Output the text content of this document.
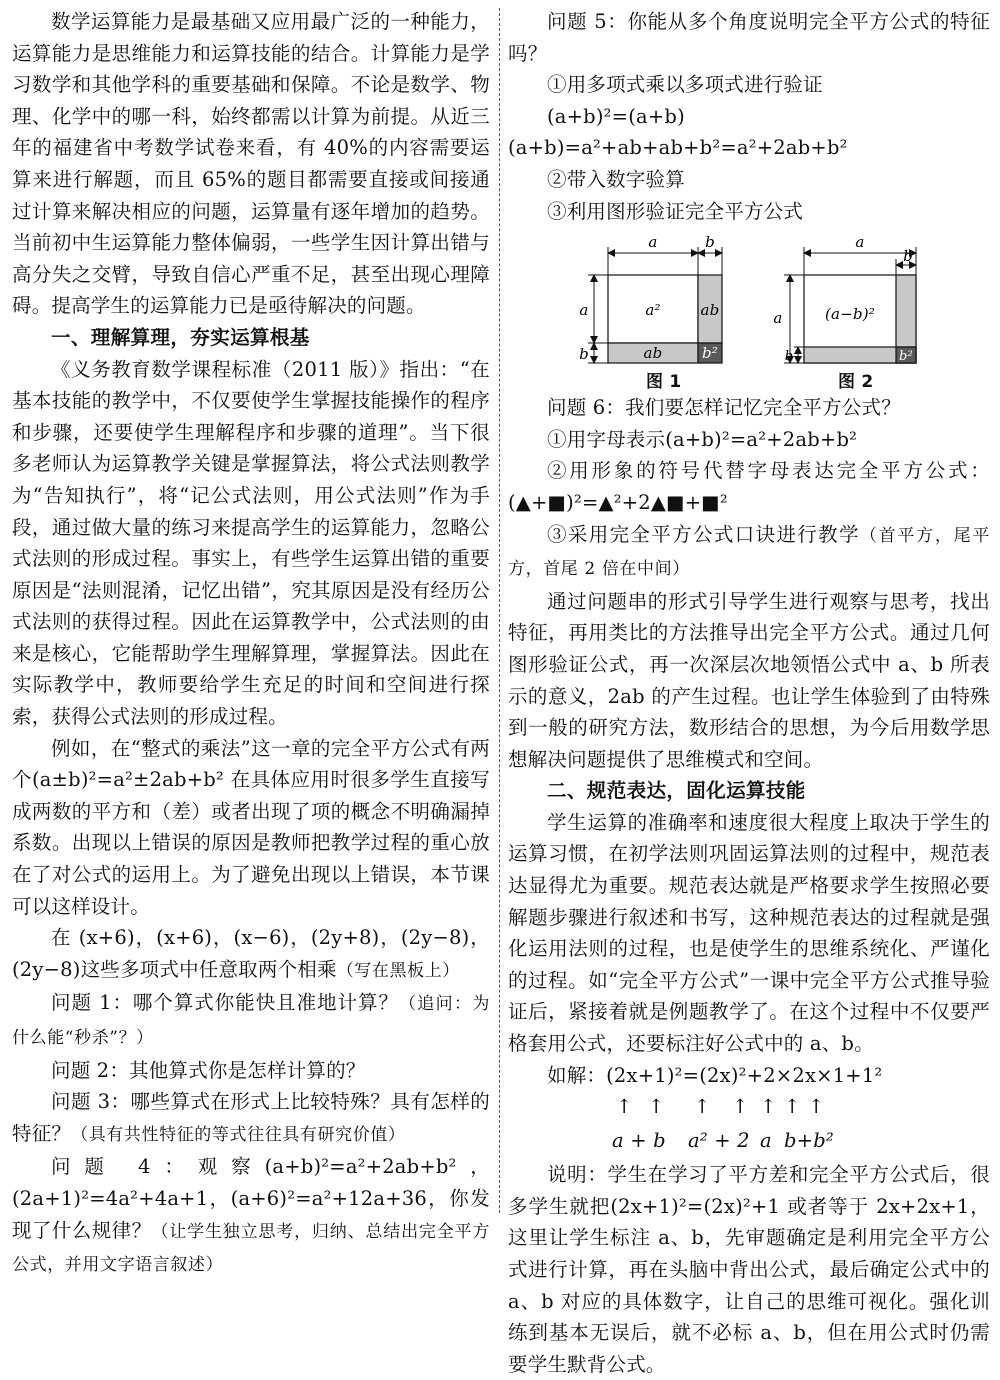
数学运算能力是最基础又应用最广泛的一种能力，运算能力是思维能力和运算技能的结合。计算能力是学习数学和其他学科的重要基础和保障。不论是数学、物理、化学中的哪一科，始终都需以计算为前提。从近三年的福建省中考数学试卷来看，有 40%的内容需要运算来进行解题，而且 65%的题目都需要直接或间接通过计算来解决相应的问题，运算量有逐年增加的趋势。当前初中生运算能力整体偏弱，一些学生因计算出错与高分失之交臂，导致自信心严重不足，甚至出现心理障碍。提高学生的运算能力已是亟待解决的问题。

一、理解算理，夯实运算根基

《义务教育数学课程标准（2011 版）》指出：“在基本技能的教学中，不仅要使学生掌握技能操作的程序和步骤，还要使学生理解程序和步骤的道理”。当下很多老师认为运算教学关键是掌握算法，将公式法则教学为“告知执行”，将“记公式法则，用公式法则”作为手段，通过做大量的练习来提高学生的运算能力，忽略公式法则的形成过程。事实上，有些学生运算出错的重要原因是“法则混淆，记忆出错”，究其原因是没有经历公式法则的获得过程。因此在运算教学中，公式法则的由来是核心，它能帮助学生理解算理，掌握算法。因此在实际教学中，教师要给学生充足的时间和空间进行探索，获得公式法则的形成过程。

例如，在“整式的乘法”这一章的完全平方公式有两个(a±b)²=a²±2ab+b² 在具体应用时很多学生直接写成两数的平方和（差）或者出现了项的概念不明确漏掉系数。出现以上错误的原因是教师把教学过程的重心放在了对公式的运用上。为了避免出现以上错误，本节课可以这样设计。

在 (x+6)，(x+6)，(x−6)，(2y+8)，(2y−8)，(2y−8)这些多项式中任意取两个相乘（写在黑板上）

问题 1：哪个算式你能快且准地计算？（追问：为什么能“秒杀”？）

问题 2：其他算式你是怎样计算的？

问题 3：哪些算式在形式上比较特殊？具有怎样的特征？（具有共性特征的等式往往具有研究价值）

问题 4：观察(a+b)²=a²+2ab+b²，(2a+1)²=4a²+4a+1，(a+6)²=a²+12a+36，你发现了什么规律？（让学生独立思考，归纳、总结出完全平方公式，并用文字语言叙述）

问题 5：你能从多个角度说明完全平方公式的特征吗？

①用多项式乘以多项式进行验证

(a+b)²=(a+b)(a+b)=a²+ab+ab+b²=a²+2ab+b²

②带入数字验算

③利用图形验证完全平方公式

a	b
a
b
a²	ab
ab	b²
a
b
a
b
(a−b)²
b²
图 1	图 2

问题 6：我们要怎样记忆完全平方公式？

①用字母表示(a+b)²=a²+2ab+b²

②用形象的符号代替字母表达完全平方公式：(▲+■)²=▲²+2▲■+■²

③采用完全平方公式口诀进行教学（首平方，尾平方，首尾 2 倍在中间）

通过问题串的形式引导学生进行观察与思考，找出特征，再用类比的方法推导出完全平方公式。通过几何图形验证公式，再一次深层次地领悟公式中 a、b 所表示的意义，2ab 的产生过程。也让学生体验到了由特殊到一般的研究方法，数形结合的思想，为今后用数学思想解决问题提供了思维模式和空间。

二、规范表达，固化运算技能

学生运算的准确率和速度很大程度上取决于学生的运算习惯，在初学法则巩固运算法则的过程中，规范表达显得尤为重要。规范表达就是严格要求学生按照必要解题步骤进行叙述和书写，这种规范表达的过程就是强化运用法则的过程，也是使学生的思维系统化、严谨化的过程。如“完全平方公式”一课中完全平方公式推导验证后，紧接着就是例题教学了。在这个过程中不仅要严格套用公式，还要标注好公式中的 a、b。

如解：(2x+1)²=(2x)²+2×2x×1+1²

↑ ↑ ↑ ↑ ↑ ↑ ↑
a + b a² + 2 a b+b²

说明：学生在学习了平方差和完全平方公式后，很多学生就把(2x+1)²=(2x)²+1 或者等于 2x+2x+1，这里让学生标注 a、b，先审题确定是利用完全平方公式进行计算，再在头脑中背出公式，最后确定公式中的 a、b 对应的具体数字，让自己的思维可视化。强化训练到基本无误后，就不必标 a、b，但在用公式时仍需要学生默背公式。
